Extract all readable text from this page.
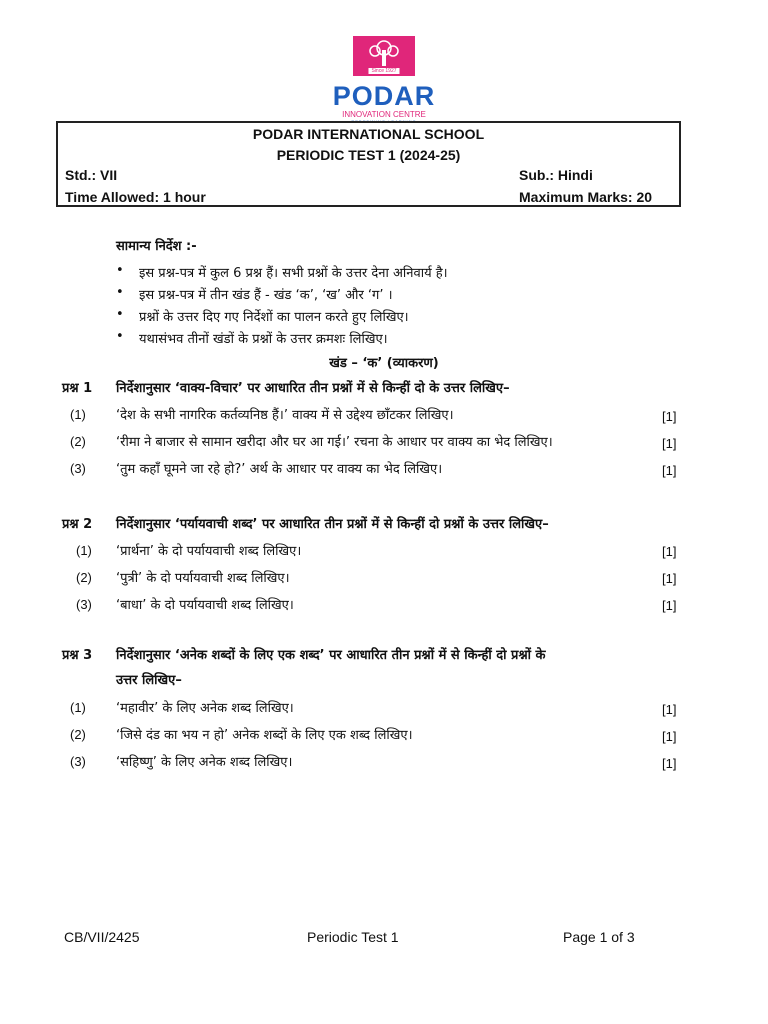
Since 1927
PODAR
INNOVATION CENTRE
REDEFINING LEARNING
PODAR INTERNATIONAL SCHOOL
PERIODIC TEST 1 (2024-25)
Std.: VII	Sub.: Hindi
Time Allowed: 1 hour	Maximum Marks: 20
सामान्य निर्देश :-
• इस प्रश्न-पत्र में कुल 6 प्रश्न हैं। सभी प्रश्नों के उत्तर देना अनिवार्य है।
• इस प्रश्न-पत्र में तीन खंड हैं - खंड ‘क’, ‘ख’ और ‘ग’ ।
• प्रश्नों के उत्तर दिए गए निर्देशों का पालन करते हुए लिखिए।
• यथासंभव तीनों खंडों के प्रश्नों के उत्तर क्रमशः लिखिए।
खंड – ‘क’ (व्याकरण)
प्रश्न 1 निर्देशानुसार ‘वाक्य-विचार’ पर आधारित तीन प्रश्नों में से किन्हीं दो के उत्तर लिखिए–
(1) ‘देश के सभी नागरिक कर्तव्यनिष्ठ हैं।’ वाक्य में से उद्देश्य छाँटकर लिखिए।	[1]
(2) ‘रीमा ने बाजार से सामान खरीदा और घर आ गई।’ रचना के आधार पर वाक्य का भेद लिखिए।	[1]
(3) ‘तुम कहाँ घूमने जा रहे हो?’ अर्थ के आधार पर वाक्य का भेद लिखिए।	[1]
प्रश्न 2 निर्देशानुसार ‘पर्यायवाची शब्द’ पर आधारित तीन प्रश्नों में से किन्हीं दो प्रश्नों के उत्तर लिखिए–
(1) ‘प्रार्थना’ के दो पर्यायवाची शब्द लिखिए।	[1]
(2) ‘पुत्री’ के दो पर्यायवाची शब्द लिखिए।	[1]
(3) ‘बाधा’ के दो पर्यायवाची शब्द लिखिए।	[1]
प्रश्न 3 निर्देशानुसार ‘अनेक शब्दों के लिए एक शब्द’ पर आधारित तीन प्रश्नों में से किन्हीं दो प्रश्नों के
उत्तर लिखिए–
(1) ‘महावीर’ के लिए अनेक शब्द लिखिए।	[1]
(2) ‘जिसे दंड का भय न हो’ अनेक शब्दों के लिए एक शब्द लिखिए।	[1]
(3) ‘सहिष्णु’ के लिए अनेक शब्द लिखिए।	[1]
CB/VII/2425	Periodic Test 1	Page 1 of 3
